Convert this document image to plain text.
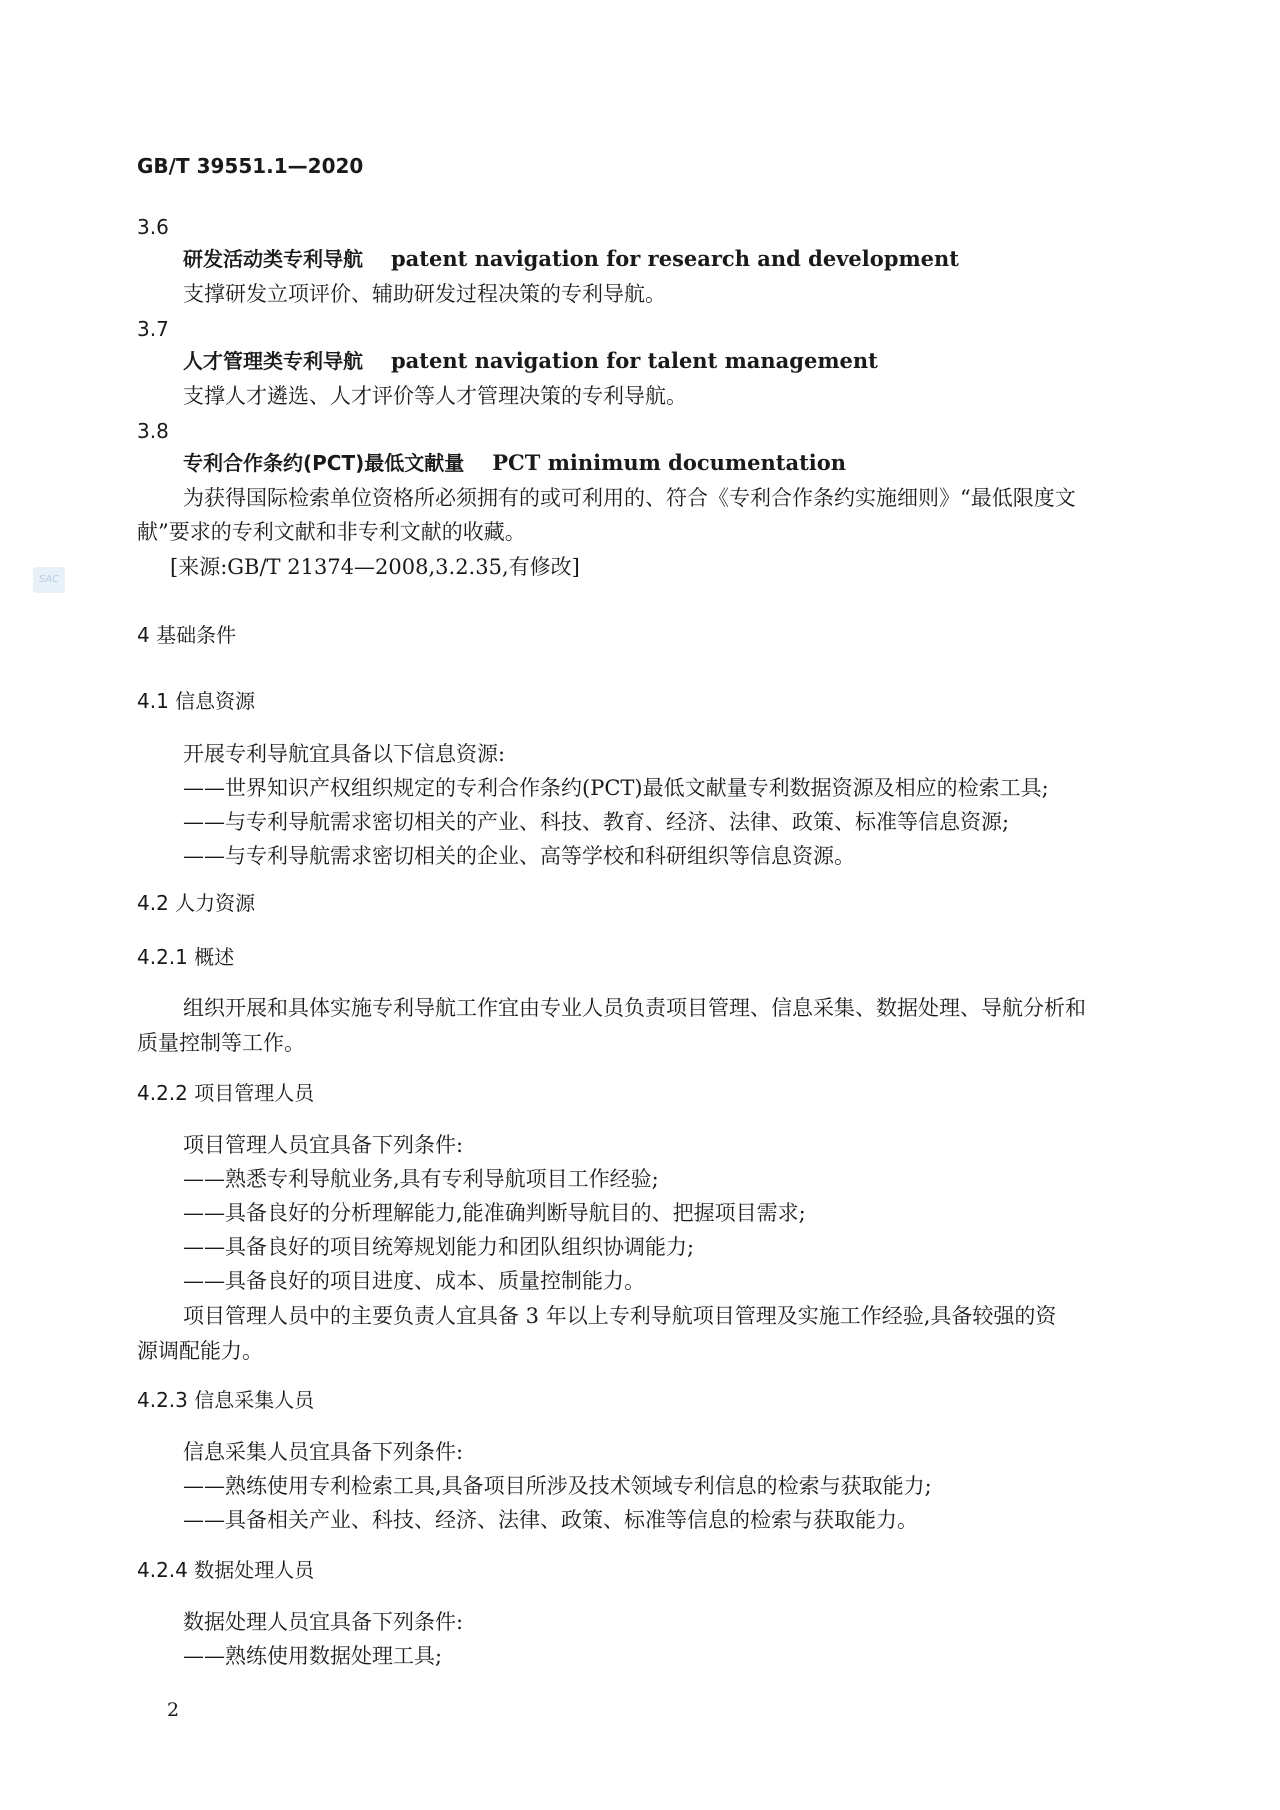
GB/T 39551.1—2020
3.6
研发活动类专利导航 patent navigation for research and development
支撑研发立项评价、辅助研发过程决策的专利导航。
3.7
人才管理类专利导航 patent navigation for talent management
支撑人才遴选、人才评价等人才管理决策的专利导航。
3.8
专利合作条约(PCT)最低文献量 PCT minimum documentation
为获得国际检索单位资格所必须拥有的或可利用的、符合《专利合作条约实施细则》“最低限度文
献”要求的专利文献和非专利文献的收藏。
[来源:GB/T 21374—2008,3.2.35,有修改]
SAC
4 基础条件
4.1 信息资源
开展专利导航宜具备以下信息资源:
——世界知识产权组织规定的专利合作条约(PCT)最低文献量专利数据资源及相应的检索工具;
——与专利导航需求密切相关的产业、科技、教育、经济、法律、政策、标准等信息资源;
——与专利导航需求密切相关的企业、高等学校和科研组织等信息资源。
4.2 人力资源
4.2.1 概述
组织开展和具体实施专利导航工作宜由专业人员负责项目管理、信息采集、数据处理、导航分析和
质量控制等工作。
4.2.2 项目管理人员
项目管理人员宜具备下列条件:
——熟悉专利导航业务,具有专利导航项目工作经验;
——具备良好的分析理解能力,能准确判断导航目的、把握项目需求;
——具备良好的项目统筹规划能力和团队组织协调能力;
——具备良好的项目进度、成本、质量控制能力。
项目管理人员中的主要负责人宜具备 3 年以上专利导航项目管理及实施工作经验,具备较强的资
源调配能力。
4.2.3 信息采集人员
信息采集人员宜具备下列条件:
——熟练使用专利检索工具,具备项目所涉及技术领域专利信息的检索与获取能力;
——具备相关产业、科技、经济、法律、政策、标准等信息的检索与获取能力。
4.2.4 数据处理人员
数据处理人员宜具备下列条件:
——熟练使用数据处理工具;
2
